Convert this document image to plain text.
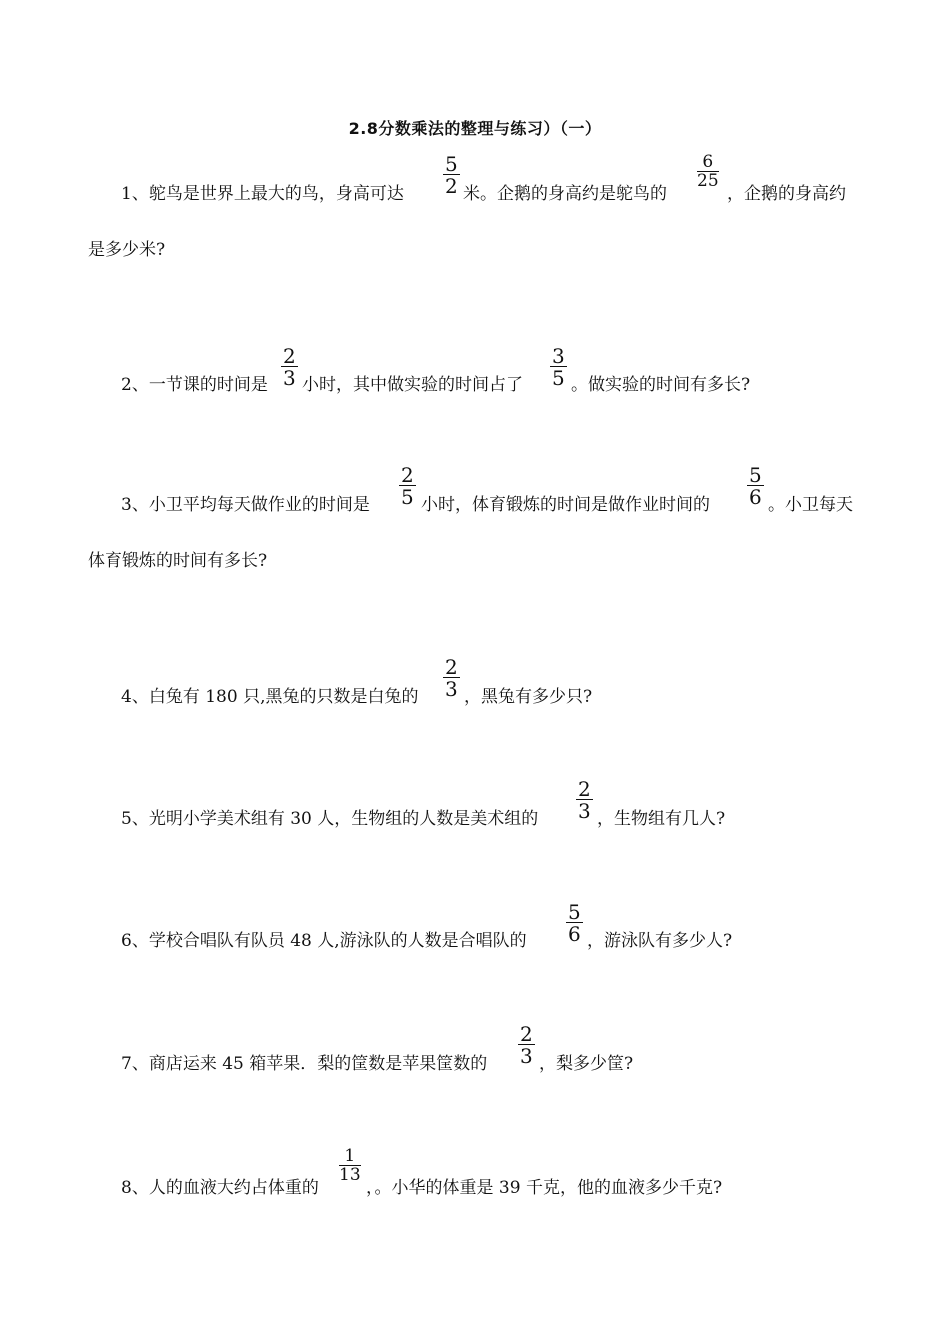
2.8分数乘法的整理与练习）（一）
1、鸵鸟是世界上最大的鸟，身高可达 $\frac{5}{2}$ 米。企鹅的身高约是鸵鸟的
$\frac{6}{25}$
，企鹅的身高约
是多少米?
2、一节课的时间是 $\frac{2}{3}$ 小时，其中做实验的时间占了 $\frac{3}{5}$ 。做实验的时间有多长?
3、小卫平均每天做作业的时间是 $\frac{2}{5}$ 小时，体育锻炼的时间是做作业时间的 $\frac{5}{6}$ 。小卫每天
体育锻炼的时间有多长?
4、白兔有 180 只,黑兔的只数是白兔的 $\frac{2}{3}$ ，黑兔有多少只?
5、光明小学美术组有 30 人，生物组的人数是美术组的 $\frac{2}{3}$ ，生物组有几人?
6、学校合唱队有队员 48 人,游泳队的人数是合唱队的 $\frac{5}{6}$ ，游泳队有多少人?
7、商店运来 45 箱苹果．梨的筐数是苹果筐数的 $\frac{2}{3}$ ，梨多少筐?
8、人的血液大约占体重的
$\frac{1}{13}$
，。小华的体重是 39 千克，他的血液多少千克?
